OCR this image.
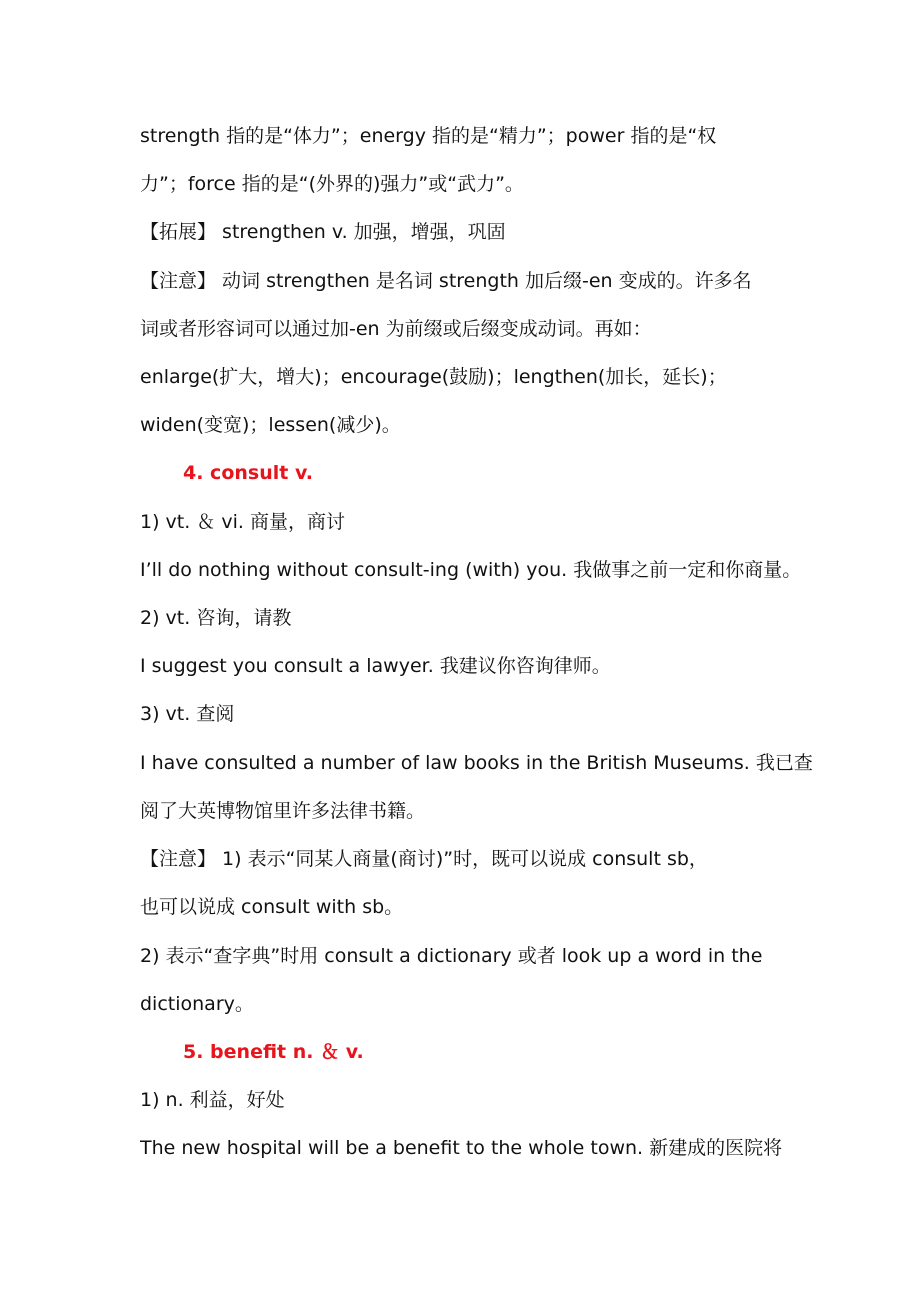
strength 指的是“体力”；energy 指的是“精力”；power 指的是“权
力”；force 指的是“(外界的)强力”或“武力”。
【拓展】 strengthen v. 加强，增强，巩固
【注意】 动词 strengthen 是名词 strength 加后缀-en 变成的。许多名
词或者形容词可以通过加-en 为前缀或后缀变成动词。再如：
enlarge(扩大，增大)；encourage(鼓励)；lengthen(加长，延长)；
widen(变宽)；lessen(减少)。
4. consult v.
1) vt. ＆ vi. 商量，商讨
I’ll do nothing without consult-ing (with) you. 我做事之前一定和你商量。
2) vt. 咨询，请教
I suggest you consult a lawyer. 我建议你咨询律师。
3) vt. 查阅
I have consulted a number of law books in the British Museums. 我已查
阅了大英博物馆里许多法律书籍。
【注意】 1) 表示“同某人商量(商讨)”时，既可以说成 consult sb，
也可以说成 consult with sb。
2) 表示“查字典”时用 consult a dictionary 或者 look up a word in the
dictionary。
5. benefit n. ＆ v.
1) n. 利益，好处
The new hospital will be a benefit to the whole town. 新建成的医院将
